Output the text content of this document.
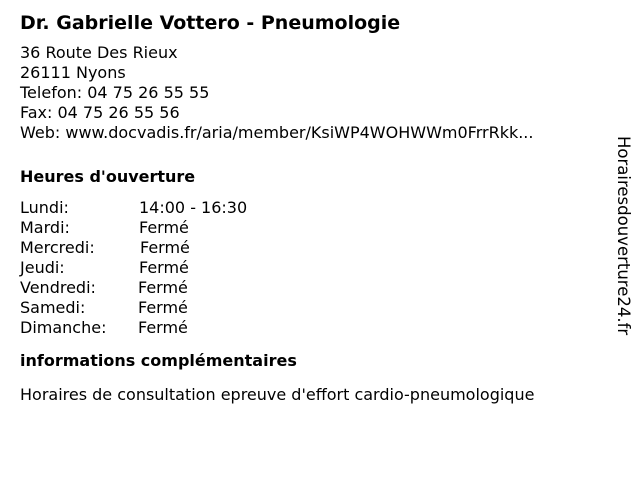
Dr. Gabrielle Vottero - Pneumologie
36 Route Des Rieux
26111 Nyons
Telefon: 04 75 26 55 55
Fax: 04 75 26 55 56
Web: www.docvadis.fr/aria/member/KsiWP4WOHWWm0FrrRkk...
Heures d'ouverture
Lundi:	14:00 - 16:30
Mardi:	Fermé
Mercredi:	Fermé
Jeudi:	Fermé
Vendredi:	Fermé
Samedi:	Fermé
Dimanche: Fermé
informations complémentaires
Horaires de consultation epreuve d'effort cardio-pneumologique
Horairesdouverture24.fr
